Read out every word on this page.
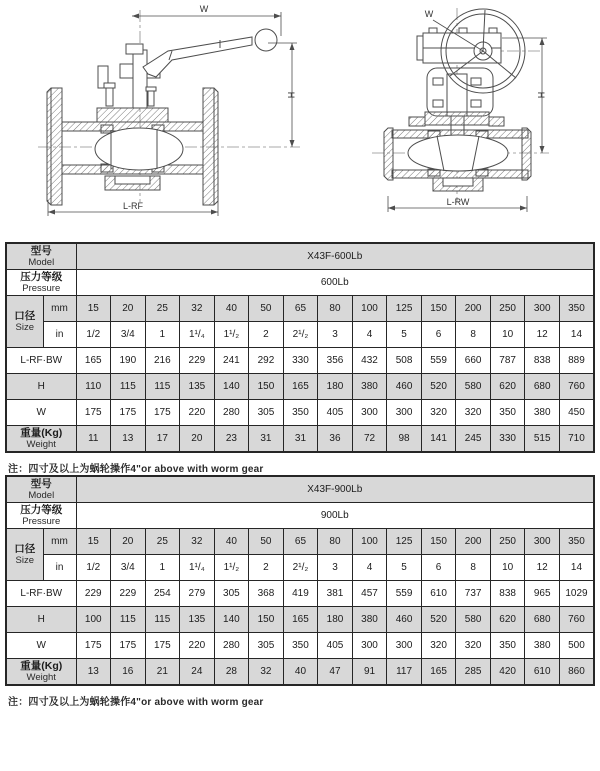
W
H
L-RF
W
H
L-RW
型号
Model		X43F-600Lb														

压力等级
Pressure		600Lb														

口径
Size	mm	15	20	25	32	40	50	65	80	100	125	150	200	250	300	350
	in	1/2	3/4	1	1¹/₄	1¹/₂	2	2¹/₂	3	4	5	6	8	10	12	14
L-RF·BW		165	190	216	229	241	292	330	356	432	508	559	660	787	838	889
H		110	115	115	135	140	150	165	180	380	460	520	580	620	680	760
W		175	175	175	220	280	305	350	405	300	300	320	320	350	380	450

重量(Kg)
Weight		11	13	17	20	23	31	31	36	72	98	141	245	330	515	710
注：四寸及以上为蜗轮操作4"or above with worm gear
型号
Model		X43F-900Lb														

压力等级
Pressure		900Lb														

口径
Size	mm	15	20	25	32	40	50	65	80	100	125	150	200	250	300	350
	in	1/2	3/4	1	1¹/₄	1¹/₂	2	2¹/₂	3	4	5	6	8	10	12	14
L-RF·BW		229	229	254	279	305	368	419	381	457	559	610	737	838	965	1029
H		100	115	115	135	140	150	165	180	380	460	520	580	620	680	760
W		175	175	175	220	280	305	350	405	300	300	320	320	350	380	500

重量(Kg)
Weight		13	16	21	24	28	32	40	47	91	117	165	285	420	610	860
注：四寸及以上为蜗轮操作4"or above with worm gear
